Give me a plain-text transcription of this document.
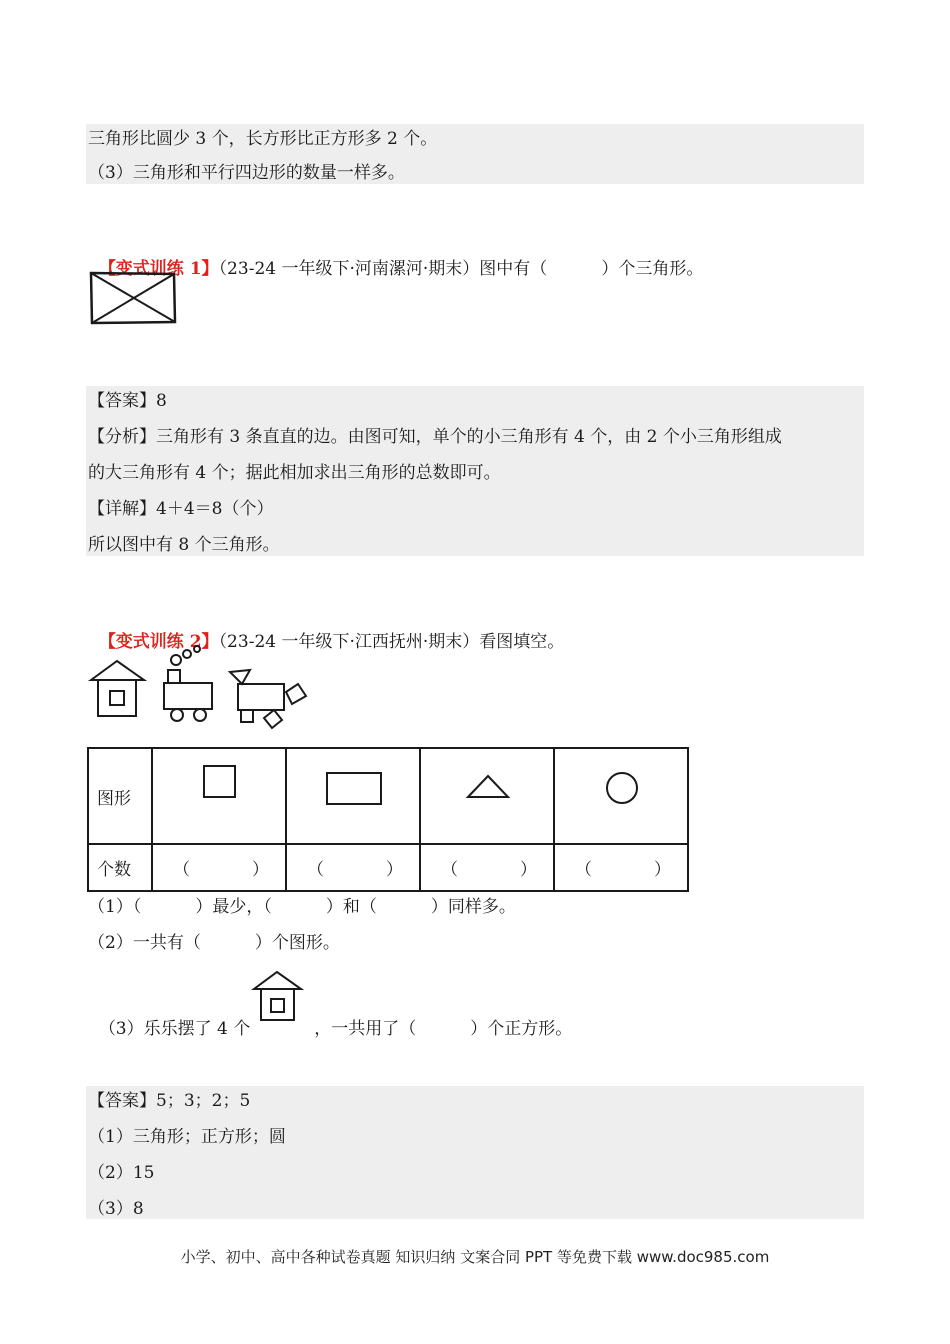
三角形比圆少 3 个，长方形比正方形多 2 个。
（3）三角形和平行四边形的数量一样多。

【变式训练 1】（23-24 一年级下·河南漯河·期末）图中有（          ）个三角形。

【答案】8
【分析】三角形有 3 条直直的边。由图可知，单个的小三角形有 4 个，由 2 个小三角形组成
的大三角形有 4 个；据此相加求出三角形的总数即可。
【详解】4＋4＝8（个）
所以图中有 8 个三角形。

【变式训练 2】（23-24 一年级下·江西抚州·期末）看图填空。

图形	

个数	（ ）	（ ）	（ ）	（ ）
（1）（          ）最少，（          ）和（          ）同样多。
（2）一共有（          ）个图形。

（3）乐乐摆了 4 个	，一共用了（          ）个正方形。

【答案】5；3；2；5
（1）三角形；正方形；圆
（2）15
（3）8
小学、初中、高中各种试卷真题 知识归纳 文案合同 PPT 等免费下载 www.doc985.com
